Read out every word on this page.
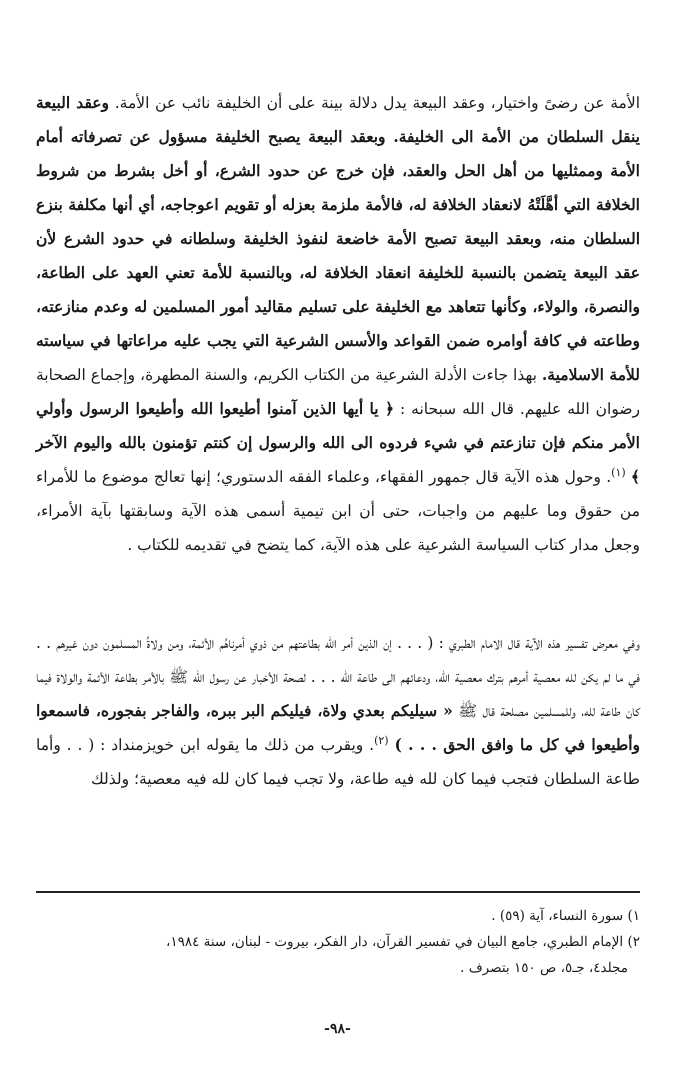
الأمة عن رضىً واختيار، وعقد البيعة يدل دلالة بينة على أن الخليفة نائب عن الأمة. وعقد البيعة ينقل السلطان من الأمة الى الخليفة. وبعقد البيعة يصبح الخليفة مسؤول عن تصرفاته أمام الأمة وممثليها من أهل الحل والعقد، فإن خرج عن حدود الشرع، أو أخل بشرط من شروط الخلافة التي أهَّلَتْهُ لانعقاد الخلافة له، فالأمة ملزمة بعزله أو تقويم اعوجاجه، أي أنها مكلفة بنزع السلطان منه، وبعقد البيعة تصبح الأمة خاضعة لنفوذ الخليفة وسلطانه في حدود الشرع لأن عقد البيعة يتضمن بالنسبة للخليفة انعقاد الخلافة له، وبالنسبة للأمة تعني العهد على الطاعة، والنصرة، والولاء، وكأنها تتعاهد مع الخليفة على تسليم مقاليد أمور المسلمين له وعدم منازعته، وطاعته في كافة أوامره ضمن القواعد والأسس الشرعية التي يجب عليه مراعاتها في سياسته للأمة الاسلامية. بهذا جاءت الأدلة الشرعية من الكتاب الكريم، والسنة المطهرة، وإجماع الصحابة رضوان الله عليهم. قال الله سبحانه : ﴿ يا أيها الذين آمنوا أطيعوا الله وأطيعوا الرسول وأولي الأمر منكم فإن تنازعتم في شيء فردوه الى الله والرسول إن كنتم تؤمنون بالله واليوم الآخر ﴾ $^{(١)}$. وحول هذه الآية قال جمهور الفقهاء، وعلماء الفقه الدستوري؛ إنها تعالج موضوع ما للأمراء من حقوق وما عليهم من واجبات، حتى أن ابن تيمية أسمى هذه الآية وسابقتها بآية الأمراء، وجعل مدار كتاب السياسة الشرعية على هذه الآية، كما يتضح في تقديمه للكتاب .

وفي معرض تفسير هذه الآية قال الامام الطبري : ( . . . إن الذين أمر الله بطاعتهم من ذوي أمرناهُم الأئمة، ومن ولاةُ المسلمون دون غيرهم . . في ما لم يكن لله معصية أمرهم بترك معصية الله، ودعائهم الى طاعة الله . . . لصحة الأخبار عن رسول الله ﷺ بالأمر بطاعة الأئمة والولاة فيما كان طاعة لله، وللمسلمين مصلحة قال ﷺ « سيليكم بعدي ولاة، فيليكم البر ببره، والفاجر بفجوره، فاسمعوا وأطيعوا في كل ما وافق الحق . . . ) $^{(٢)}$. ويقرب من ذلك ما يقوله ابن خويزمنداد : ( . . وأما طاعة السلطان فتجب فيما كان لله فيه طاعة، ولا تجب فيما كان لله فيه معصية؛ ولذلك

١) سورة النساء، آية (٥٩) .

٢) الإمام الطبري، جامع البيان في تفسير القرآن، دار الفكر، بيروت - لبنان، سنة ١٩٨٤،

مجلد٤، جـ٥، ص ١٥٠ بتصرف .

-٩٨-
